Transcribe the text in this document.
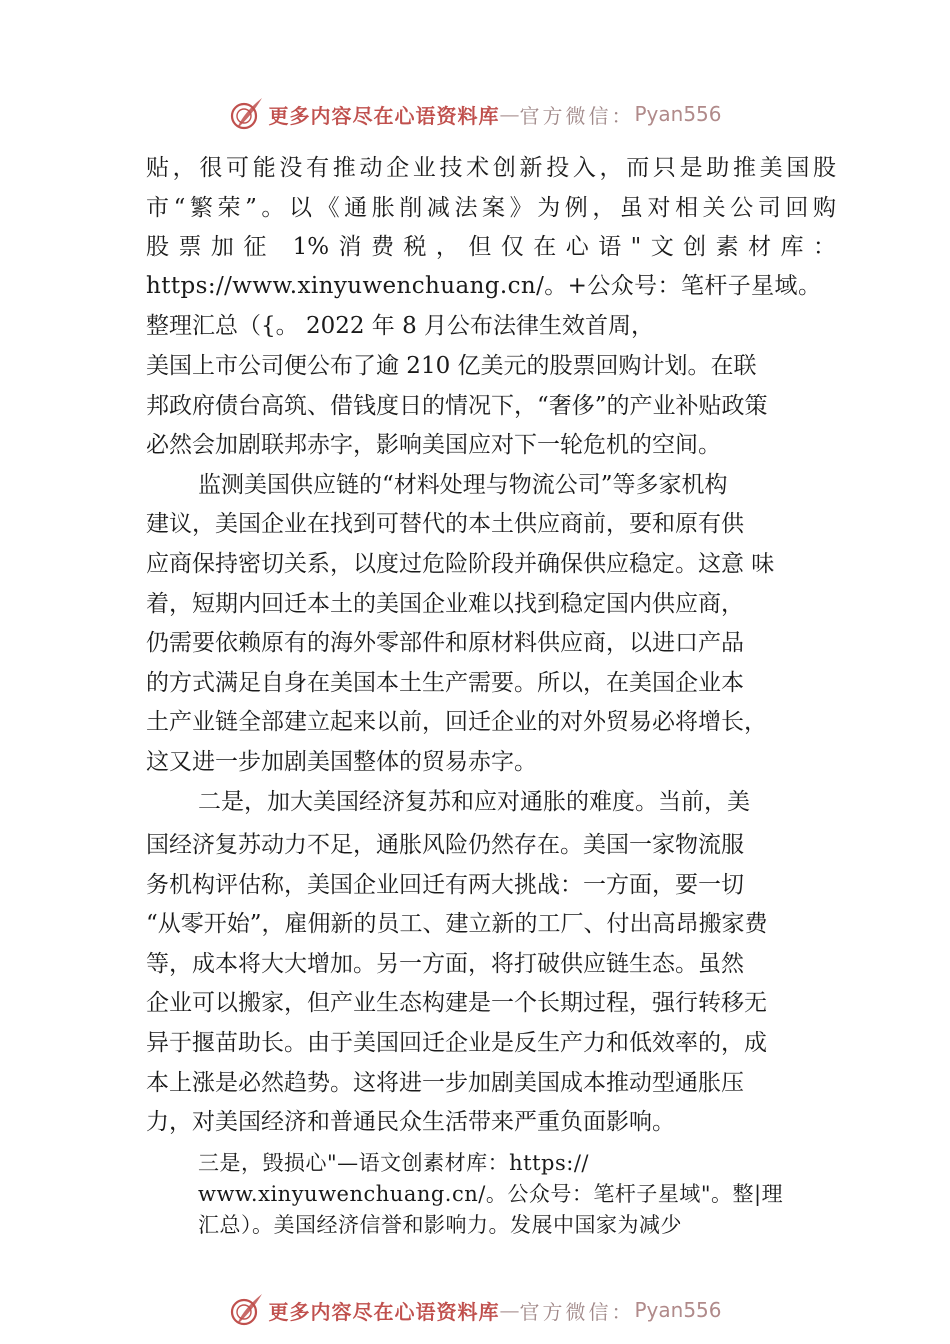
更多内容尽在心语资料库 — 官方微信： Pyan556
贴，很可能没有推动企业技术创新投入，而只是助推美国股
市“繁荣”。以《通胀削减法案》为例，虽对相关公司回购
股票加征 1%消费税，但仅在心语"文创素材库：
https://www.xinyuwenchuang.cn/。+公众号：笔杆子星域。
整理汇总（{。 2022 年 8 月公布法律生效首周，
美国上市公司便公布了逾 210 亿美元的股票回购计划。在联
邦政府债台高筑、借钱度日的情况下，“奢侈”的产业补贴政策
必然会加剧联邦赤字，影响美国应对下一轮危机的空间。
监测美国供应链的“材料处理与物流公司”等多家机构
建议，美国企业在找到可替代的本土供应商前，要和原有供
应商保持密切关系，以度过危险阶段并确保供应稳定。这意 味
着，短期内回迁本土的美国企业难以找到稳定国内供应商，
仍需要依赖原有的海外零部件和原材料供应商，以进口产品
的方式满足自身在美国本土生产需要。所以，在美国企业本
土产业链全部建立起来以前，回迁企业的对外贸易必将增长，
这又进一步加剧美国整体的贸易赤字。
二是，加大美国经济复苏和应对通胀的难度。当前，美
国经济复苏动力不足，通胀风险仍然存在。美国一家物流服
务机构评估称，美国企业回迁有两大挑战：一方面，要一切
“从零开始”，雇佣新的员工、建立新的工厂、付出高昂搬家费
等，成本将大大增加。另一方面，将打破供应链生态。虽然
企业可以搬家，但产业生态构建是一个长期过程，强行转移无
异于揠苗助长。由于美国回迁企业是反生产力和低效率的，成
本上涨是必然趋势。这将进一步加剧美国成本推动型通胀压
力，对美国经济和普通民众生活带来严重负面影响。
三是，毁损心"—语文创素材库：https://
www.xinyuwenchuang.cn/。公众号：笔杆子星域"。整|理
汇总）。美国经济信誉和影响力。发展中国家为减少
更多内容尽在心语资料库 — 官方微信： Pyan556
